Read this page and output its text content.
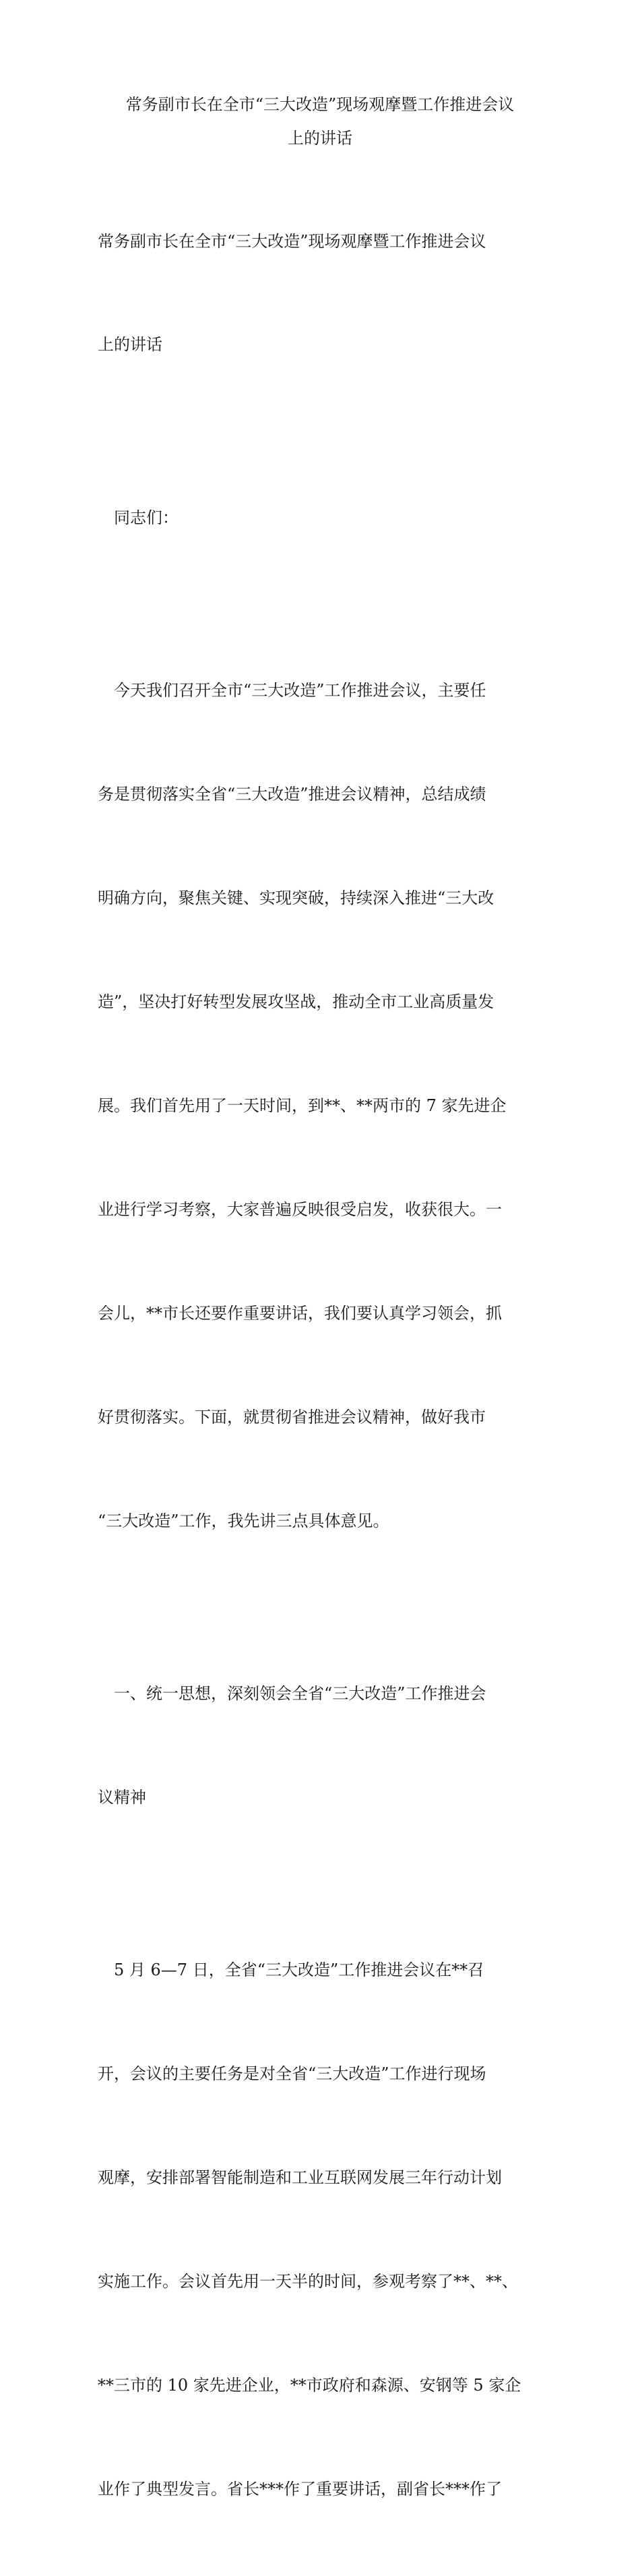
常务副市长在全市“三大改造”现场观摩暨工作推进会议
上的讲话

常务副市长在全市“三大改造”现场观摩暨工作推进会议

上的讲话

　同志们：

　今天我们召开全市“三大改造”工作推进会议，主要任

务是贯彻落实全省“三大改造”推进会议精神，总结成绩

明确方向，聚焦关键、实现突破，持续深入推进“三大改

造”，坚决打好转型发展攻坚战，推动全市工业高质量发

展。我们首先用了一天时间，到**、**两市的 7 家先进企

业进行学习考察，大家普遍反映很受启发，收获很大。一

会儿，**市长还要作重要讲话，我们要认真学习领会，抓

好贯彻落实。下面，就贯彻省推进会议精神，做好我市

“三大改造”工作，我先讲三点具体意见。

　一、统一思想，深刻领会全省“三大改造”工作推进会

议精神

　5 月 6—7 日，全省“三大改造”工作推进会议在**召

开，会议的主要任务是对全省“三大改造”工作进行现场

观摩，安排部署智能制造和工业互联网发展三年行动计划

实施工作。会议首先用一天半的时间，参观考察了**、**、

**三市的 10 家先进企业，**市政府和森源、安钢等 5 家企

业作了典型发言。省长***作了重要讲话，副省长***作了
